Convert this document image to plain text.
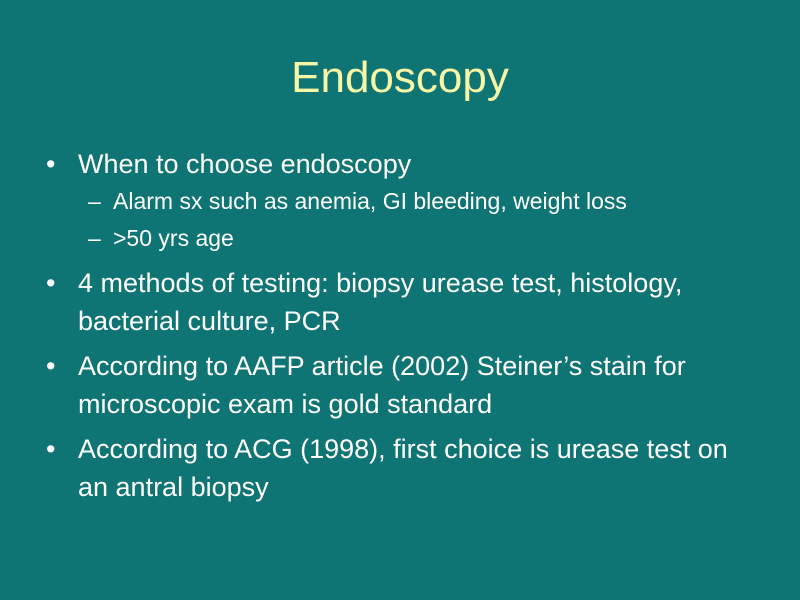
Endoscopy
• When to choose endoscopy
– Alarm sx such as anemia, GI bleeding, weight loss
– >50 yrs age
• 4 methods of testing: biopsy urease test, histology, bacterial culture, PCR
• According to AAFP article (2002) Steiner’s stain for microscopic exam is gold standard
• According to ACG (1998), first choice is urease test on an antral biopsy
